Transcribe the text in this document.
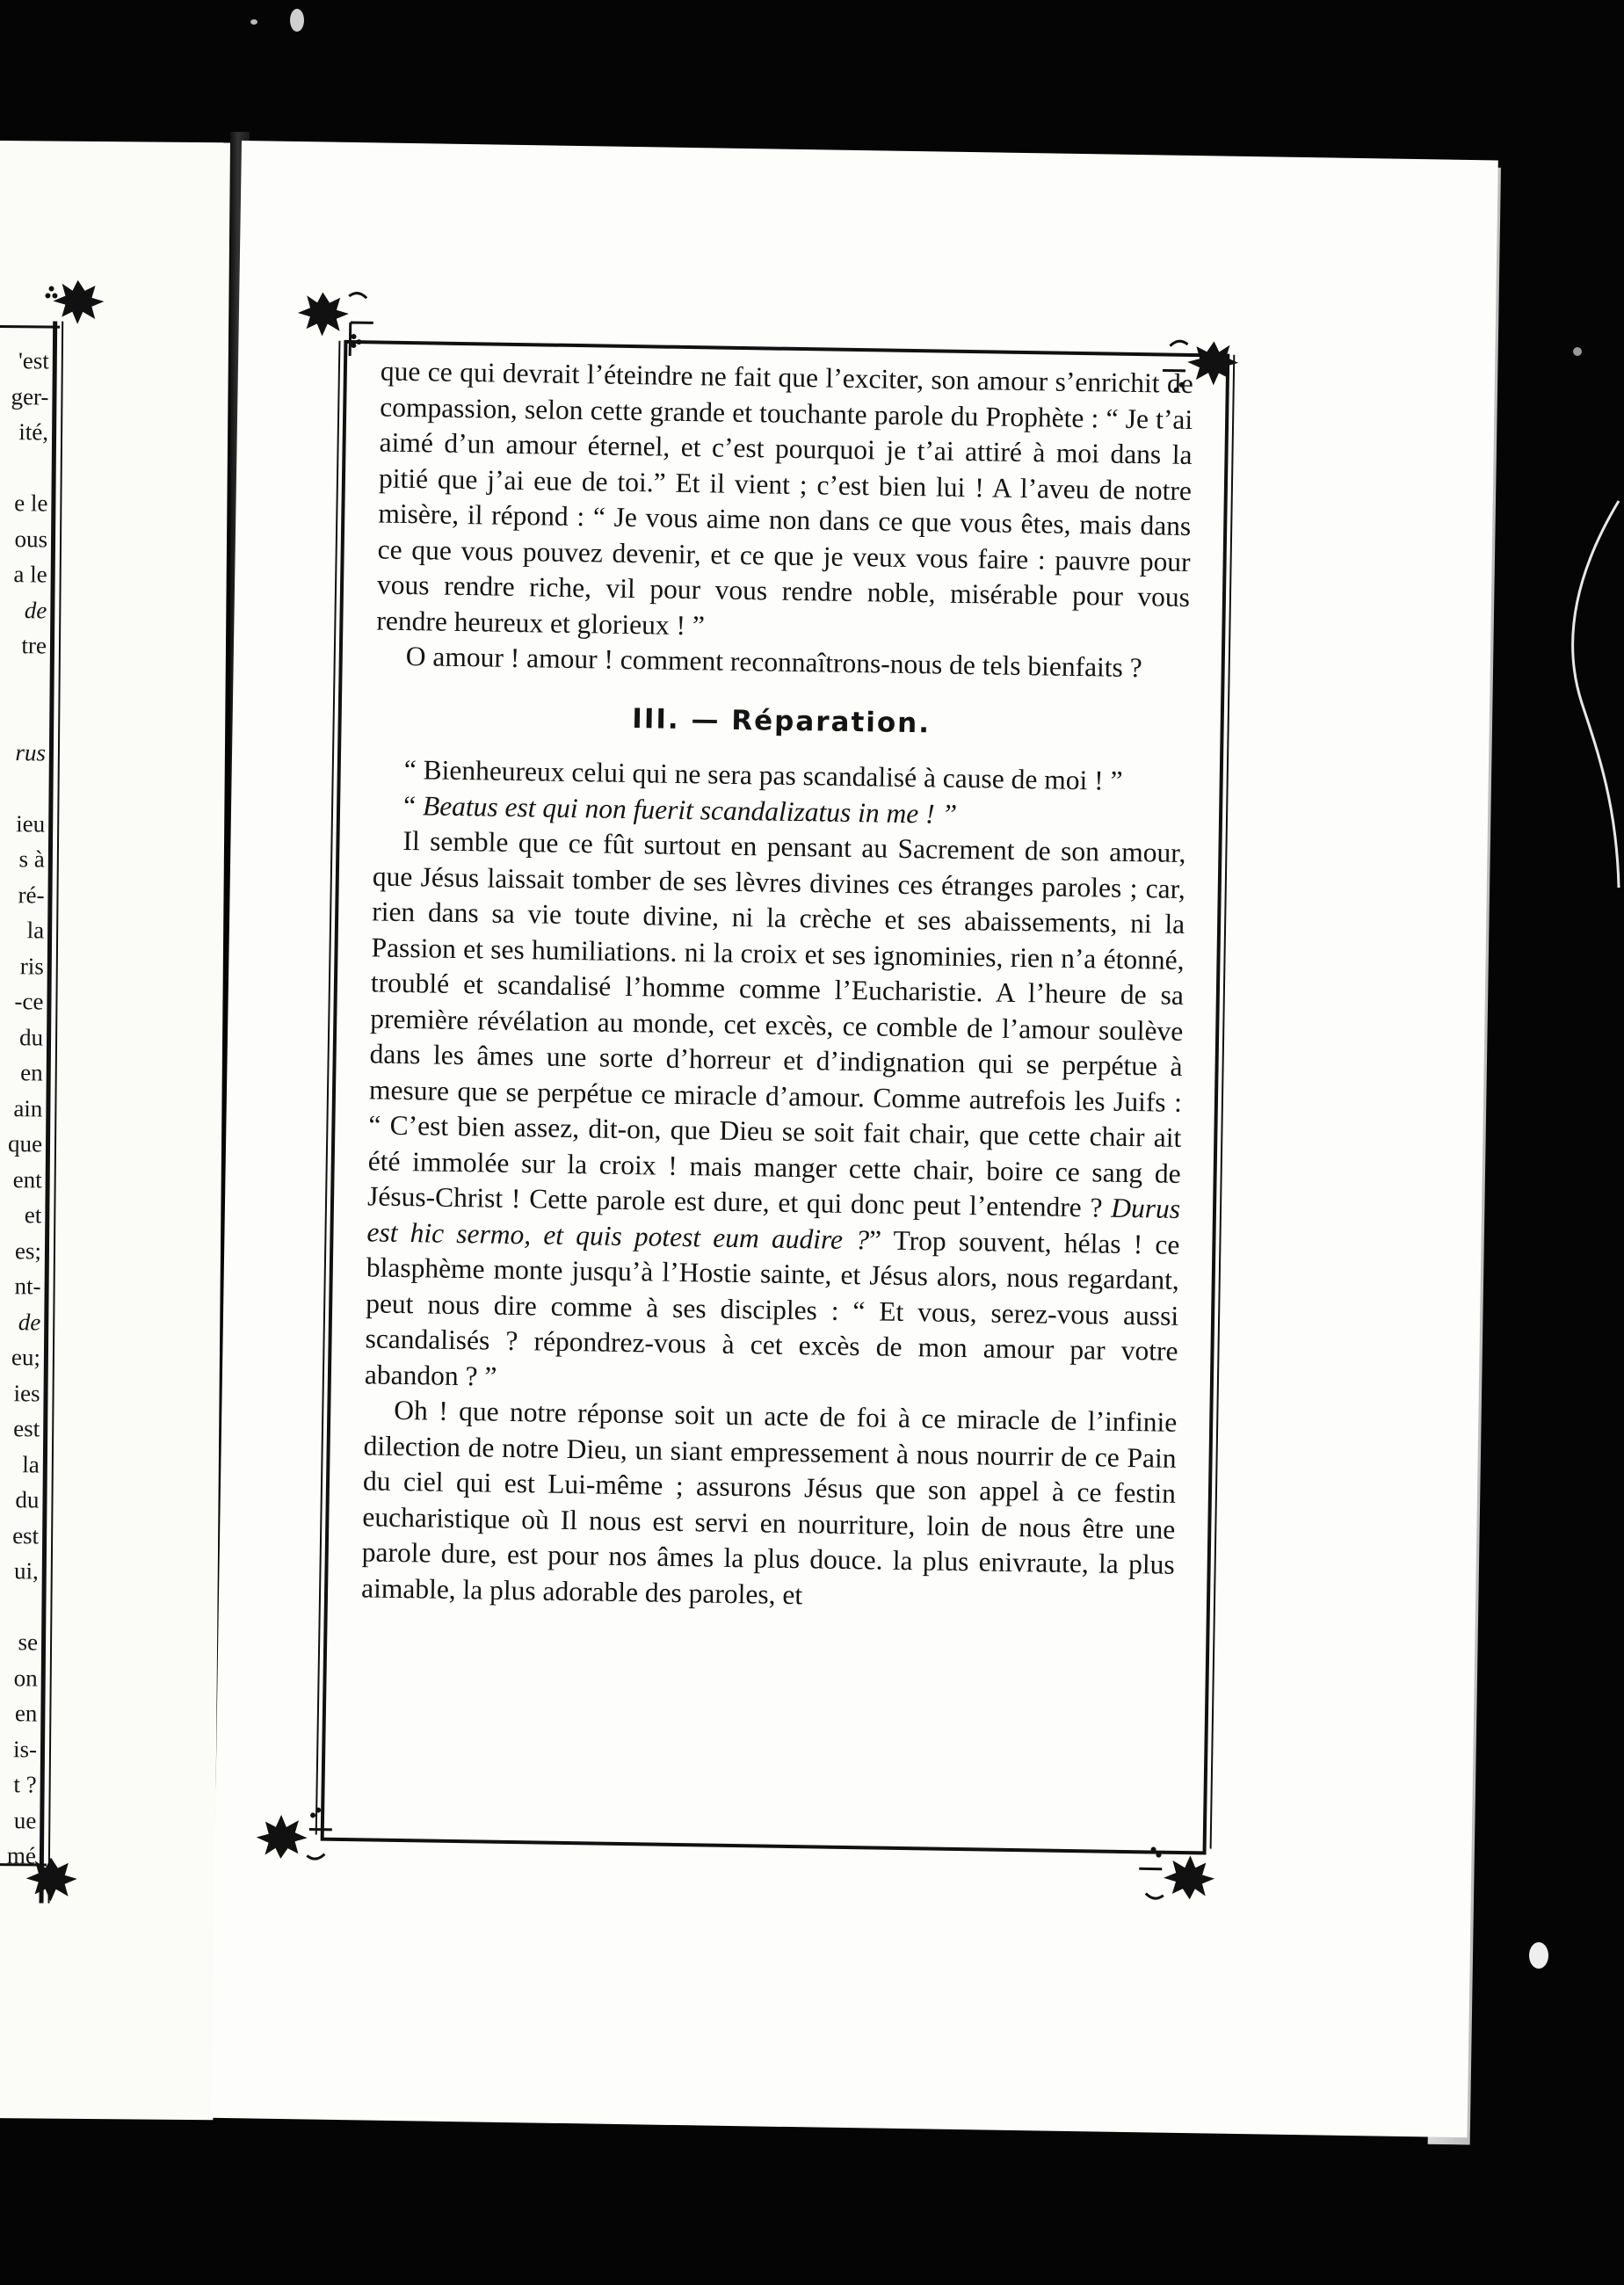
'est
ger-
ité,
e le
ous
a le
de
tre
rus
ieu
s à
ré-
la
ris
-ce
du
en
ain
que
ent
et
es;
nt-
de
eu;
ies
est
la
du
est
ui,
se
on
en
is-
t ?
ue
mé

que ce qui devrait l’éteindre ne fait que l’exciter, son amour s’enrichit de compassion, selon cette grande et touchante parole du Prophète : “ Je t’ai aimé d’un amour éternel, et c’est pourquoi je t’ai attiré à moi dans la pitié que j’ai eue de toi.” Et il vient ; c’est bien lui ! A l’aveu de notre misère, il répond : “ Je vous aime non dans ce que vous êtes, mais dans ce que vous pouvez devenir, et ce que je veux vous faire : pauvre pour vous rendre riche, vil pour vous rendre noble, misérable pour vous rendre heureux et glorieux ! ”

O amour ! amour ! comment reconnaîtrons-nous de tels bienfaits ?

III. — Réparation.

“ Bienheureux celui qui ne sera pas scandalisé à cause de moi ! ”

“ Beatus est qui non fuerit scandalizatus in me ! ”

Il semble que ce fût surtout en pensant au Sacrement de son amour, que Jésus laissait tomber de ses lèvres divines ces étranges paroles ; car, rien dans sa vie toute divine, ni la crèche et ses abaissements, ni la Passion et ses humiliations. ni la croix et ses ignominies, rien n’a étonné, troublé et scandalisé l’homme comme l’Eucharistie. A l’heure de sa première révélation au monde, cet excès, ce comble de l’amour soulève dans les âmes une sorte d’horreur et d’indignation qui se perpétue à mesure que se perpétue ce miracle d’amour. Comme autrefois les Juifs : “ C’est bien assez, dit-on, que Dieu se soit fait chair, que cette chair ait été immolée sur la croix ! mais manger cette chair, boire ce sang de Jésus-Christ ! Cette parole est dure, et qui donc peut l’entendre ? Durus est hic sermo, et quis potest eum audire ?” Trop souvent, hélas ! ce blasphème monte jusqu’à l’Hostie sainte, et Jésus alors, nous regardant, peut nous dire comme à ses disciples : “ Et vous, serez-vous aussi scandalisés ? répondrez-vous à cet excès de mon amour par votre abandon ? ”

Oh ! que notre réponse soit un acte de foi à ce miracle de l’infinie dilection de notre Dieu, un siant empressement à nous nourrir de ce Pain du ciel qui est Lui-même ; assurons Jésus que son appel à ce festin eucharistique où Il nous est servi en nourriture, loin de nous être une parole dure, est pour nos âmes la plus douce. la plus enivraute, la plus aimable, la plus adorable des paroles, et
